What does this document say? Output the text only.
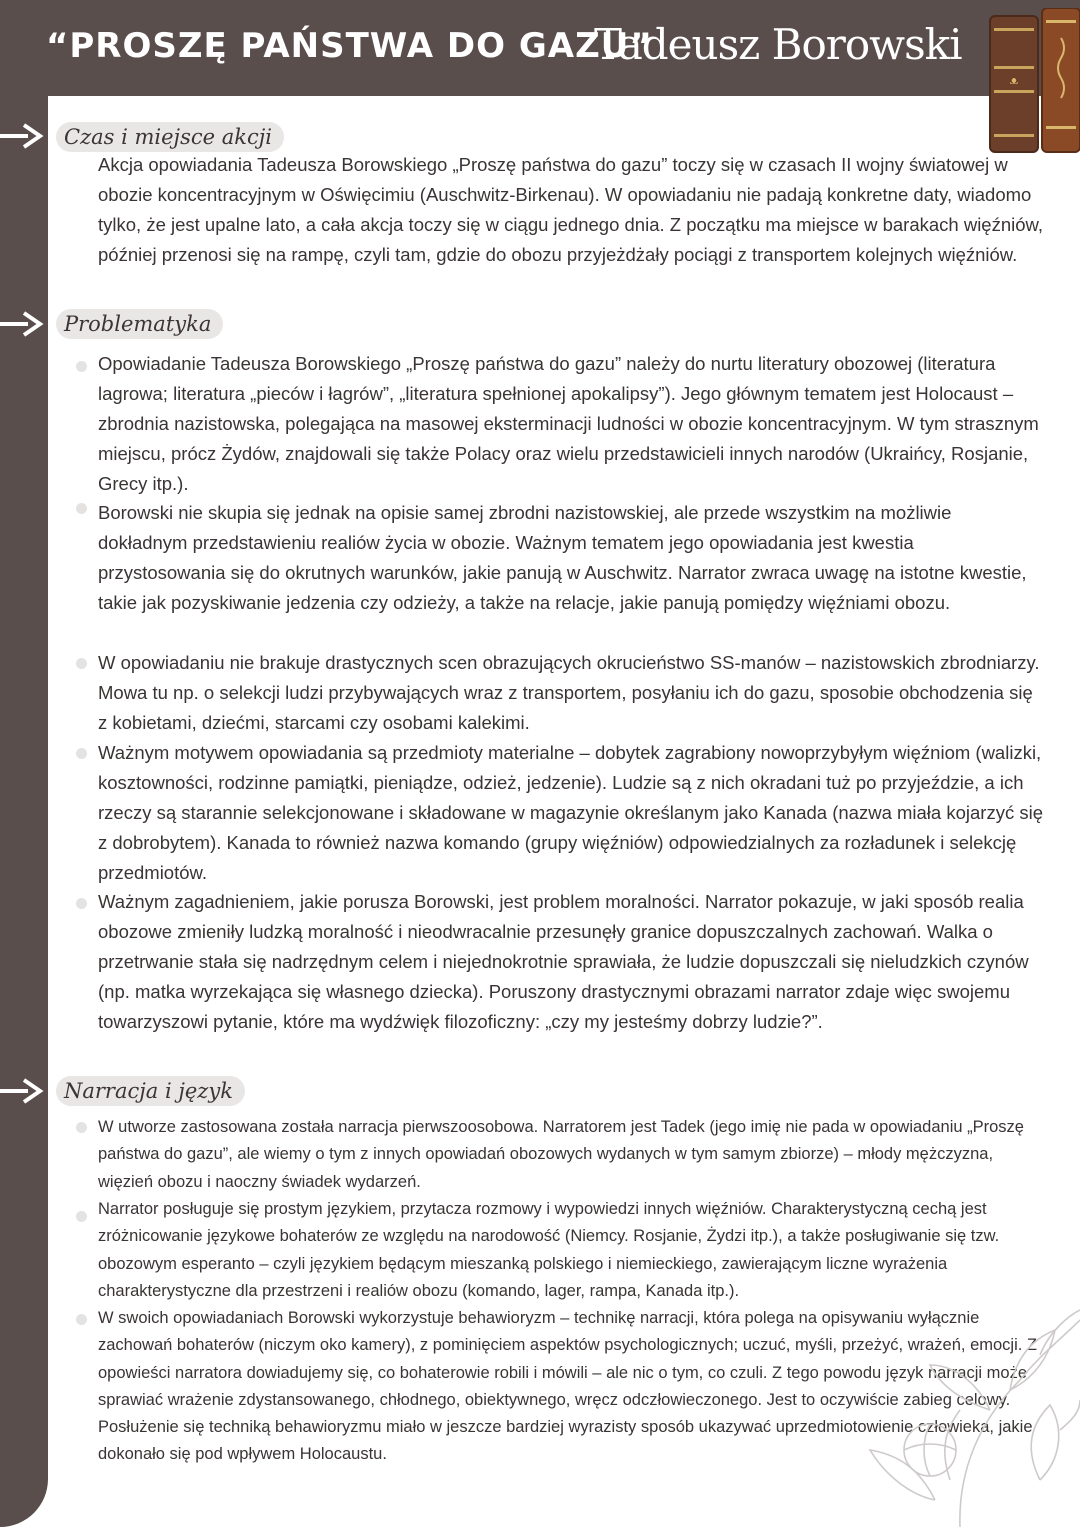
“PROSZĘ PAŃSTWA DO GAZU”
Tadeusz Borowski
ᴥ
Czas i miejsce akcji
Akcja opowiadania Tadeusza Borowskiego „Proszę państwa do gazu” toczy się w czasach II wojny światowej w obozie koncentracyjnym w Oświęcimiu (Auschwitz-Birkenau). W opowiadaniu nie padają konkretne daty, wiadomo tylko, że jest upalne lato, a cała akcja toczy się w ciągu jednego dnia. Z początku ma miejsce w barakach więźniów, później przenosi się na rampę, czyli tam, gdzie do obozu przyjeżdżały pociągi z transportem kolejnych więźniów.
Problematyka
Opowiadanie Tadeusza Borowskiego „Proszę państwa do gazu” należy do nurtu literatury obozowej (literatura lagrowa; literatura „pieców i łagrów”, „literatura spełnionej apokalipsy”). Jego głównym tematem jest Holocaust – zbrodnia nazistowska, polegająca na masowej eksterminacji ludności w obozie koncentracyjnym. W tym strasznym miejscu, prócz Żydów, znajdowali się także Polacy oraz wielu przedstawicieli innych narodów (Ukraińcy, Rosjanie, Grecy itp.).
Borowski nie skupia się jednak na opisie samej zbrodni nazistowskiej, ale przede wszystkim na możliwie dokładnym przedstawieniu realiów życia w obozie. Ważnym tematem jego opowiadania jest kwestia przystosowania się do okrutnych warunków, jakie panują w Auschwitz. Narrator zwraca uwagę na istotne kwestie, takie jak pozyskiwanie jedzenia czy odzieży, a także na relacje, jakie panują pomiędzy więźniami obozu.
W opowiadaniu nie brakuje drastycznych scen obrazujących okrucieństwo SS-manów – nazistowskich zbrodniarzy. Mowa tu np. o selekcji ludzi przybywających wraz z transportem, posyłaniu ich do gazu, sposobie obchodzenia się z kobietami, dziećmi, starcami czy osobami kalekimi.
Ważnym motywem opowiadania są przedmioty materialne – dobytek zagrabiony nowoprzybyłym więźniom (walizki, kosztowności, rodzinne pamiątki, pieniądze, odzież, jedzenie). Ludzie są z nich okradani tuż po przyjeździe, a ich rzeczy są starannie selekcjonowane i składowane w magazynie określanym jako Kanada (nazwa miała kojarzyć się z dobrobytem). Kanada to również nazwa komando (grupy więźniów) odpowiedzialnych za rozładunek i selekcję przedmiotów.
Ważnym zagadnieniem, jakie porusza Borowski, jest problem moralności. Narrator pokazuje, w jaki sposób realia obozowe zmieniły ludzką moralność i nieodwracalnie przesunęły granice dopuszczalnych zachowań. Walka o przetrwanie stała się nadrzędnym celem i niejednokrotnie sprawiała, że ludzie dopuszczali się nieludzkich czynów (np. matka wyrzekająca się własnego dziecka). Poruszony drastycznymi obrazami narrator zdaje więc swojemu towarzyszowi pytanie, które ma wydźwięk filozoficzny: „czy my jesteśmy dobrzy ludzie?”.
Narracja i język
W utworze zastosowana została narracja pierwszoosobowa. Narratorem jest Tadek (jego imię nie pada w opowiadaniu „Proszę państwa do gazu”, ale wiemy o tym z innych opowiadań obozowych wydanych w tym samym zbiorze) – młody mężczyzna, więzień obozu i naoczny świadek wydarzeń.
Narrator posługuje się prostym językiem, przytacza rozmowy i wypowiedzi innych więźniów. Charakterystyczną cechą jest zróżnicowanie językowe bohaterów ze względu na narodowość (Niemcy. Rosjanie, Żydzi itp.), a także posługiwanie się tzw. obozowym esperanto – czyli językiem będącym mieszanką polskiego i niemieckiego, zawierającym liczne wyrażenia charakterystyczne dla przestrzeni i realiów obozu (komando, lager, rampa, Kanada itp.).
W swoich opowiadaniach Borowski wykorzystuje behawioryzm – technikę narracji, która polega na opisywaniu wyłącznie zachowań bohaterów (niczym oko kamery), z pominięciem aspektów psychologicznych; uczuć, myśli, przeżyć, wrażeń, emocji. Z opowieści narratora dowiadujemy się, co bohaterowie robili i mówili – ale nic o tym, co czuli. Z tego powodu język narracji może sprawiać wrażenie zdystansowanego, chłodnego, obiektywnego, wręcz odczłowieczonego. Jest to oczywiście zabieg celowy. Posłużenie się techniką behawioryzmu miało w jeszcze bardziej wyrazisty sposób ukazywać uprzedmiotowienie człowieka, jakie dokonało się pod wpływem Holocaustu.
